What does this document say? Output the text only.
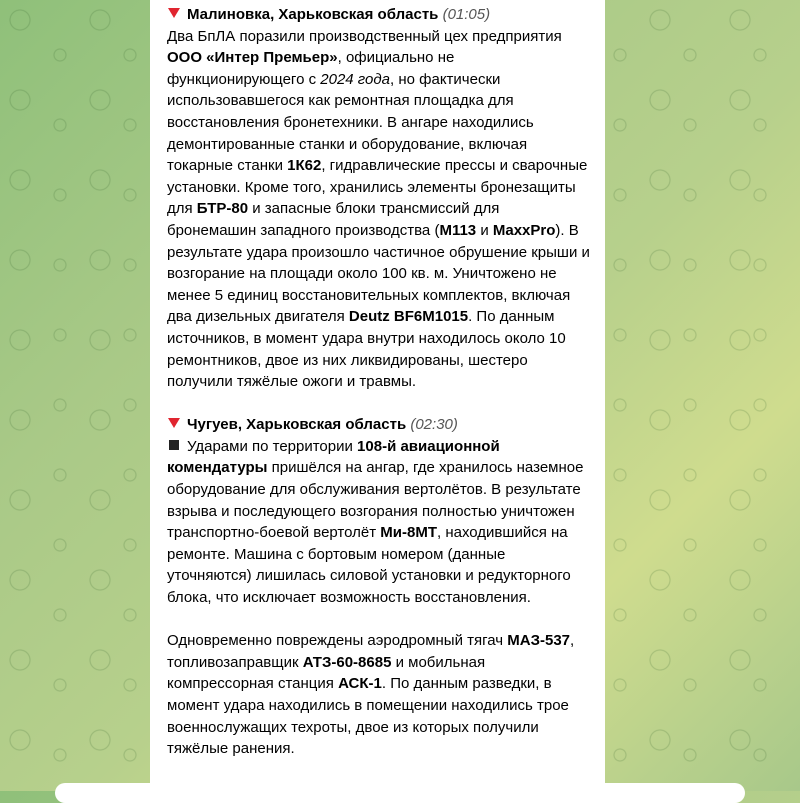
Малиновка, Харьковская область (01:05)
Два БпЛА поразили производственный цех предприятия ООО «Интер Премьер», официально не функционирующего с 2024 года, но фактически использовавшегося как ремонтная площадка для восстановления бронетехники. В ангаре находились демонтированные станки и оборудование, включая токарные станки 1К62, гидравлические прессы и сварочные установки. Кроме того, хранились элементы бронезащиты для БТР-80 и запасные блоки трансмиссий для бронемашин западного производства (M113 и MaxxPro). В результате удара произошло частичное обрушение крыши и возгорание на площади около 100 кв. м. Уничтожено не менее 5 единиц восстановительных комплектов, включая два дизельных двигателя Deutz BF6M1015. По данным источников, в момент удара внутри находилось около 10 ремонтников, двое из них ликвидированы, шестеро получили тяжёлые ожоги и травмы.

Чугуев, Харьковская область (02:30)
Ударами по территории 108-й авиационной комендатуры пришёлся на ангар, где хранилось наземное оборудование для обслуживания вертолётов. В результате взрыва и последующего возгорания полностью уничтожен транспортно-боевой вертолёт Ми-8МТ, находившийся на ремонте. Машина с бортовым номером (данные уточняются) лишилась силовой установки и редукторного блока, что исключает возможность восстановления.

Одновременно повреждены аэродромный тягач МАЗ-537, топливозаправщик АТЗ-60-8685 и мобильная компрессорная станция АСК-1. По данным разведки, в момент удара находились в помещении находились трое военнослужащих техроты, двое из которых получили тяжёлые ранения.
